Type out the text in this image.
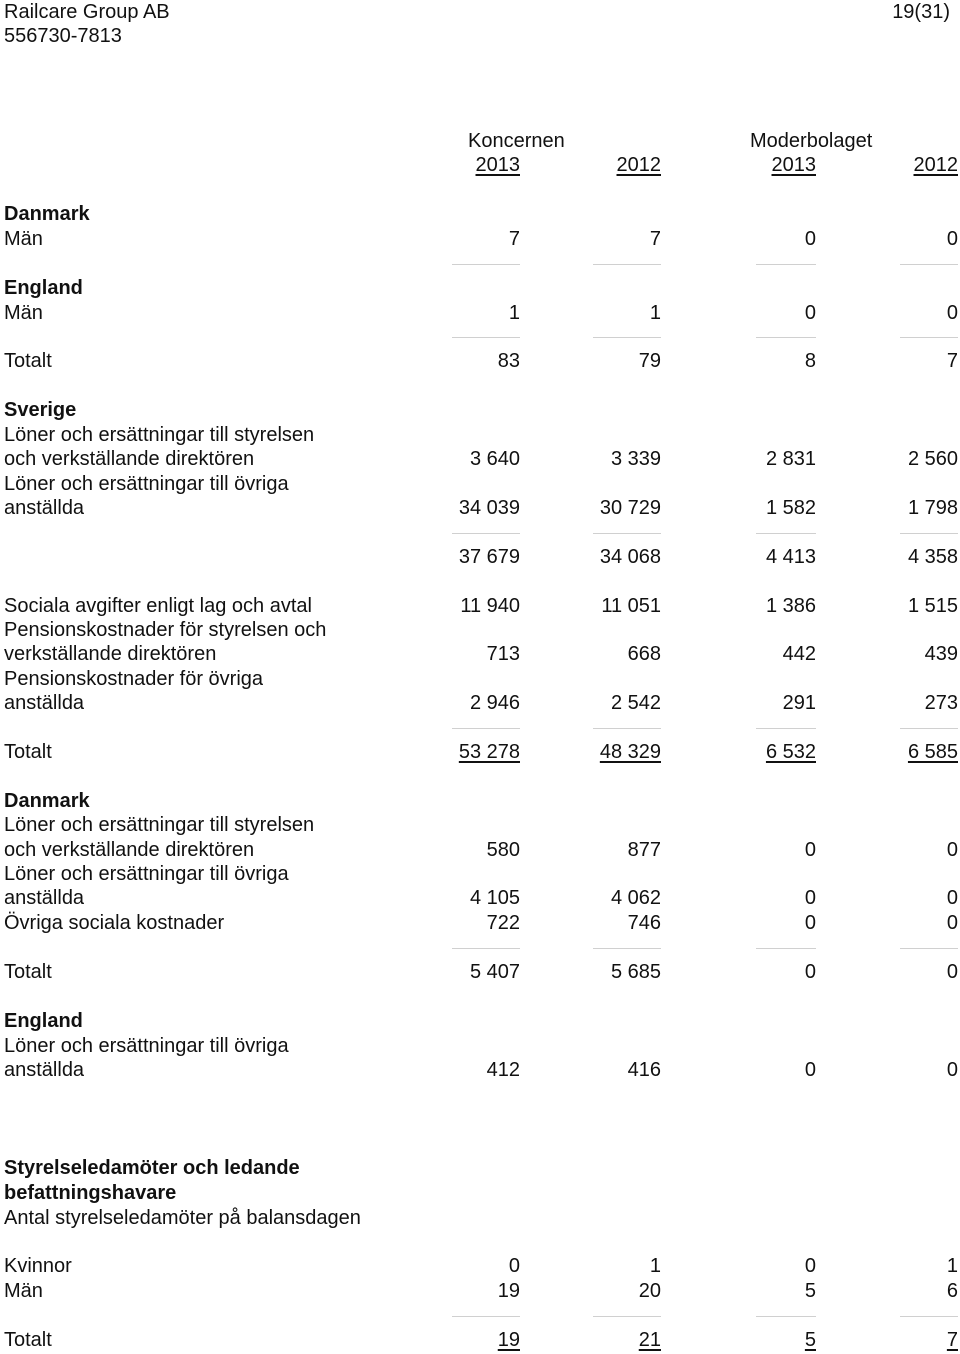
Railcare Group AB
556730-7813
19(31)
Koncernen	Moderbolaget
2013	2012	2013	2012
Danmark
Män	7	7	0	0
England
Män	1	1	0	0
Totalt	83	79	8	7
Sverige
Löner och ersättningar till styrelsen
och verkställande direktören	3 640	3 339	2 831	2 560
Löner och ersättningar till övriga
anställda	34 039	30 729	1 582	1 798
37 679	34 068	4 413	4 358
Sociala avgifter enligt lag och avtal	11 940	11 051	1 386	1 515
Pensionskostnader för styrelsen och
verkställande direktören	713	668	442	439
Pensionskostnader för övriga
anställda	2 946	2 542	291	273
Totalt	53 278	48 329	6 532	6 585
Danmark
Löner och ersättningar till styrelsen
och verkställande direktören	580	877	0	0
Löner och ersättningar till övriga
anställda	4 105	4 062	0	0
Övriga sociala kostnader	722	746	0	0
Totalt	5 407	5 685	0	0
England
Löner och ersättningar till övriga
anställda	412	416	0	0
Styrelseledamöter och ledande
befattningshavare
Antal styrelseledamöter på balansdagen
Kvinnor	0	1	0	1
Män	19	20	5	6
Totalt	19	21	5	7
